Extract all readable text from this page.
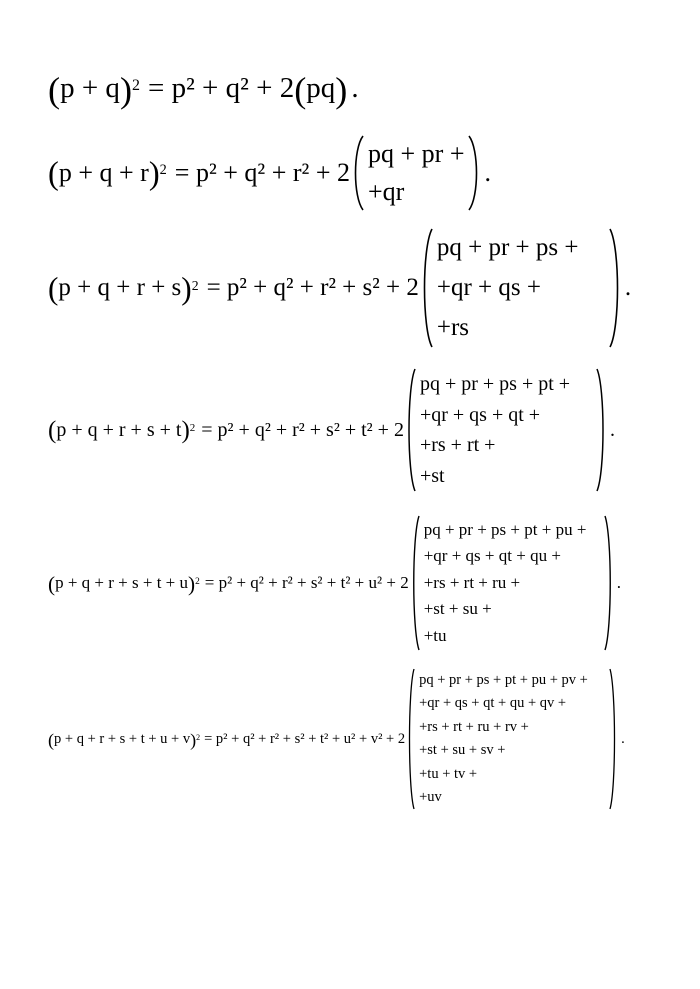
( p + q )$^2$ = p² + q² + 2 ( pq ) .
( p + q + r )$^2$ = p² + q² + r² + 2
pq + pr +
+qr
.
( p + q + r + s )$^2$ = p² + q² + r² + s² + 2
pq + pr + ps +
+qr + qs +
+rs
.
( p + q + r + s + t )$^2$ = p² + q² + r² + s² + t² + 2
pq + pr + ps + pt +
+qr + qs + qt +
+rs + rt +
+st
.
( p + q + r + s + t + u )$^2$ = p² + q² + r² + s² + t² + u² + 2
pq + pr + ps + pt + pu +
+qr + qs + qt + qu +
+rs + rt + ru +
+st + su +
+tu
.
( p + q + r + s + t + u + v )$^2$ = p² + q² + r² + s² + t² + u² + v² + 2
pq + pr + ps + pt + pu + pv +
+qr + qs + qt + qu + qv +
+rs + rt + ru + rv +
+st + su + sv +
+tu + tv +
+uv
.
